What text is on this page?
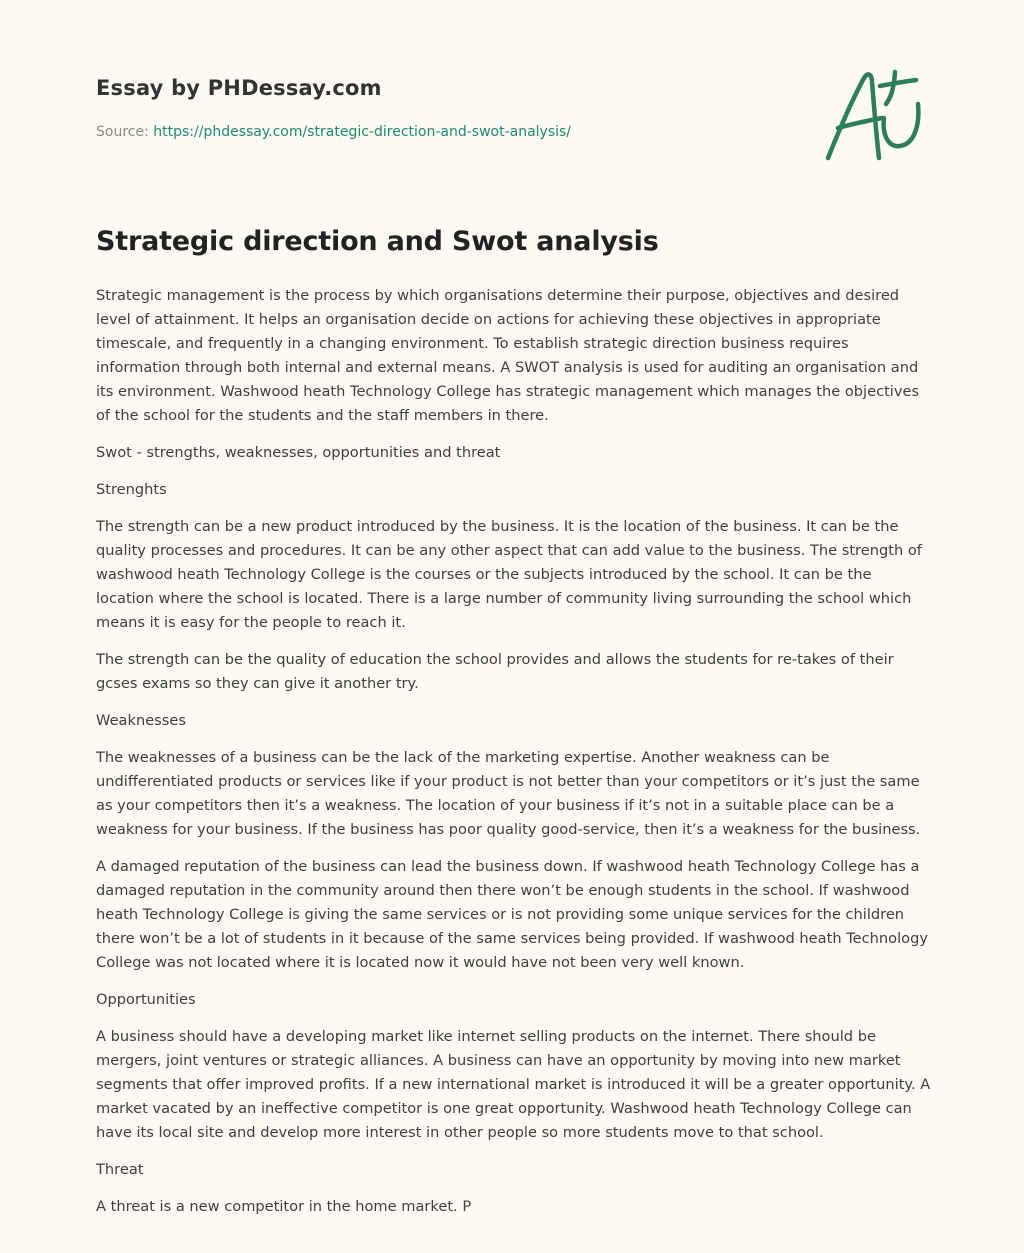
Essay by PHDessay.com
Source: https://phdessay.com/strategic-direction-and-swot-analysis/
Strategic direction and Swot analysis

Strategic management is the process by which organisations determine their purpose, objectives and desired level of attainment. It helps an organisation decide on actions for achieving these objectives in appropriate timescale, and frequently in a changing environment. To establish strategic direction business requires information through both internal and external means. A SWOT analysis is used for auditing an organisation and its environment. Washwood heath Technology College has strategic management which manages the objectives of the school for the students and the staff members in there.

Swot - strengths, weaknesses, opportunities and threat

Strenghts

The strength can be a new product introduced by the business. It is the location of the business. It can be the quality processes and procedures. It can be any other aspect that can add value to the business. The strength of washwood heath Technology College is the courses or the subjects introduced by the school. It can be the location where the school is located. There is a large number of community living surrounding the school which means it is easy for the people to reach it.

The strength can be the quality of education the school provides and allows the students for re-takes of their gcses exams so they can give it another try.

Weaknesses

The weaknesses of a business can be the lack of the marketing expertise. Another weakness can be undifferentiated products or services like if your product is not better than your competitors or it’s just the same as your competitors then it’s a weakness. The location of your business if it’s not in a suitable place can be a weakness for your business. If the business has poor quality good-service, then it’s a weakness for the business.

A damaged reputation of the business can lead the business down. If washwood heath Technology College has a damaged reputation in the community around then there won’t be enough students in the school. If washwood heath Technology College is giving the same services or is not providing some unique services for the children there won’t be a lot of students in it because of the same services being provided. If washwood heath Technology College was not located where it is located now it would have not been very well known.

Opportunities

A business should have a developing market like internet selling products on the internet. There should be mergers, joint ventures or strategic alliances. A business can have an opportunity by moving into new market segments that offer improved profits. If a new international market is introduced it will be a greater opportunity. A market vacated by an ineffective competitor is one great opportunity. Washwood heath Technology College can have its local site and develop more interest in other people so more students move to that school.

Threat

A threat is a new competitor in the home market. P
